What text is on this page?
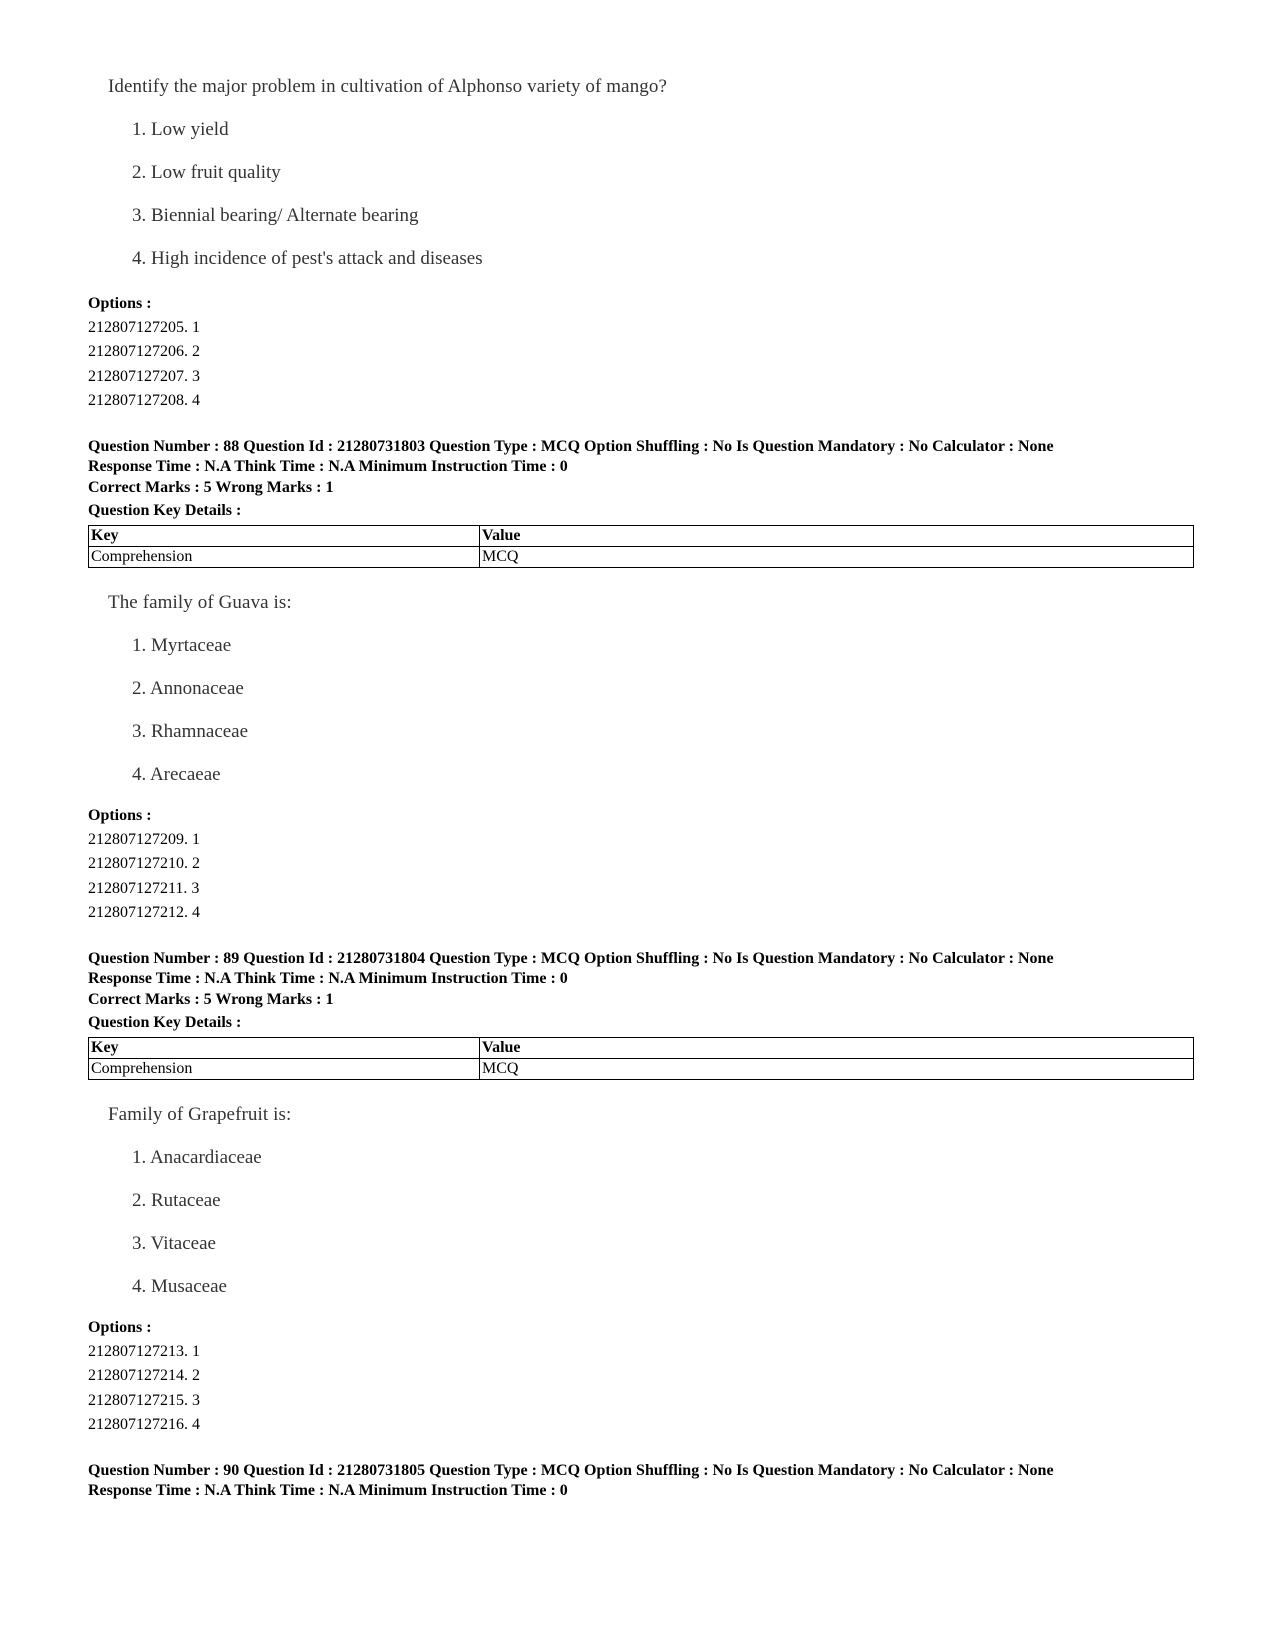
Identify the major problem in cultivation of Alphonso variety of mango?
1. Low yield
2. Low fruit quality
3. Biennial bearing/ Alternate bearing
4. High incidence of pest's attack and diseases
Options :
212807127205. 1
212807127206. 2
212807127207. 3
212807127208. 4
Question Number : 88 Question Id : 21280731803 Question Type : MCQ Option Shuffling : No Is Question Mandatory : No Calculator : None
Response Time : N.A Think Time : N.A Minimum Instruction Time : 0
Correct Marks : 5 Wrong Marks : 1
Question Key Details :
Key	Value
Comprehension	MCQ
The family of Guava is:
1. Myrtaceae
2. Annonaceae
3. Rhamnaceae
4. Arecaeae
Options :
212807127209. 1
212807127210. 2
212807127211. 3
212807127212. 4
Question Number : 89 Question Id : 21280731804 Question Type : MCQ Option Shuffling : No Is Question Mandatory : No Calculator : None
Response Time : N.A Think Time : N.A Minimum Instruction Time : 0
Correct Marks : 5 Wrong Marks : 1
Question Key Details :
Key	Value
Comprehension	MCQ
Family of Grapefruit is:
1. Anacardiaceae
2. Rutaceae
3. Vitaceae
4. Musaceae
Options :
212807127213. 1
212807127214. 2
212807127215. 3
212807127216. 4
Question Number : 90 Question Id : 21280731805 Question Type : MCQ Option Shuffling : No Is Question Mandatory : No Calculator : None
Response Time : N.A Think Time : N.A Minimum Instruction Time : 0
